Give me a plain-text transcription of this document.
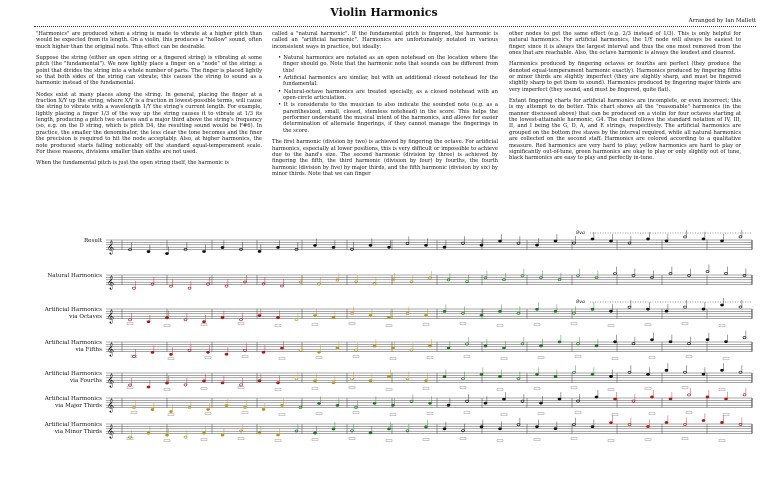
Violin Harmonics
Arranged by Ian Mallett

"Harmonics" are produced when a string is made to vibrate at a higher pitch than would be expected from its length. On a violin, this produces a "hollow" sound, often much higher than the original note. This effect can be desirable.

Suppose the string (either an open string or a fingered string) is vibrating at some pitch (the "fundamental"). We now lightly place a finger on a "node" of the string: a point that divides the string into a whole number of parts. The finger is placed lightly so that both sides of the string can vibrate; this causes the string to sound as a harmonic instead of the fundamental.

Nodes exist at many places along the string. In general, placing the finger at a fraction X/Y up the string, where X/Y is a fraction in lowest-possible terms, will cause the string to vibrate with a wavelength 1/Y the string's current length. For example, lightly placing a finger 1/3 of the way up the string causes it to vibrate at 1/3 its length, producing a pitch two octaves and a major third above the string's frequency (so, e.g. on the D string, which is pitch D4, the resulting sound would be F#6). In practice, the smaller the denominator, the less clear the tone becomes and the finer the precision is required to hit the node acceptably. Also, at higher harmonics, the note produced starts falling noticeably off the standard equal-temperament scale. For these reasons, divisions smaller than sixths are not used.

When the fundamental pitch is just the open string itself, the harmonic is

called a "natural harmonic". If the fundamental pitch is fingered, the harmonic is called an "artificial harmonic". Harmonics are unfortunately notated in various inconsistent ways in practice, but ideally:

• Natural harmonics are notated as an open notehead on the location where the finger should go. Note that the harmonic note that sounds can be different from this!
• Artificial harmonics are similar, but with an additional closed notehead for the fundamental.
• Natural-octave harmonics are treated specially, as a closed notehead with an open-circle articulation.
• It is considerate to the musician to also indicate the sounded note (e.g. as a parenthesized, small, closed, stemless notehead) in the score. This helps the performer understand the musical intent of the harmonics, and allows for easier determination of alternate fingerings, if they cannot manage the fingerings in the score.

The first harmonic (division by two) is achieved by fingering the octave. For artificial harmonics, especially at lower positions, this is very difficult or impossible to achieve due to the hand's size. The second harmonic (division by three) is achieved by fingering the fifth, the third harmonic (division by four) by fourths, the fourth harmonic (division by five) by major thirds, and the fifth harmonic (division by six) by minor thirds. Note that we can finger

other nodes to get the same effect (e.g. 2/3 instead of 1/3). This is only helpful for natural harmonics. For artificial harmonics, the 1/Y node will always be easiest to finger, since it is always the largest interval and thus the one most removed from the ones that are reachable. Also, the octave harmonic is always the loudest and clearest.

Harmonics produced by fingering octaves or fourths are perfect (they produce the denoted equal-temperament harmonic exactly). Harmonics produced by fingering fifths or minor thirds are slightly imperfect (they are slightly sharp, and must be fingered slightly sharp to get them to sound). Harmonics produced by fingering major thirds are very imperfect (they sound, and must be fingered, quite flat).

Extant fingering charts for artificial harmonics are incomplete, or even incorrect; this is my attempt to do better. This chart shows all the "reasonable" harmonics (in the manner discussed above) that can be produced on a violin for four octaves starting at the lowest-attainable harmonic, G4. The chart follows the standard notation of IV, III, II, and I being the G, D, A, and E strings, respectively. The artificial harmonics are grouped on the bottom five staves by the interval required, while all natural harmonics are collected on the second staff. Harmonics are colored according to a qualitative measure. Red harmonics are very hard to play; yellow harmonics are hard to play or significantly out-of-tune, green harmonics are okay to play or only slightly out of tune, black harmonics are easy to play and perfectly in-tune.

Result
Natural Harmonics
Artificial Harmonics
via Octaves
Artificial Harmonics
via Fifths
Artificial Harmonics
via Fourths
Artificial Harmonics
via Major Thirds
Artificial Harmonics
via Minor Thirds
8va
8va
𝄞
𝄞
𝄞
𝄞
𝄞
𝄞
𝄞
